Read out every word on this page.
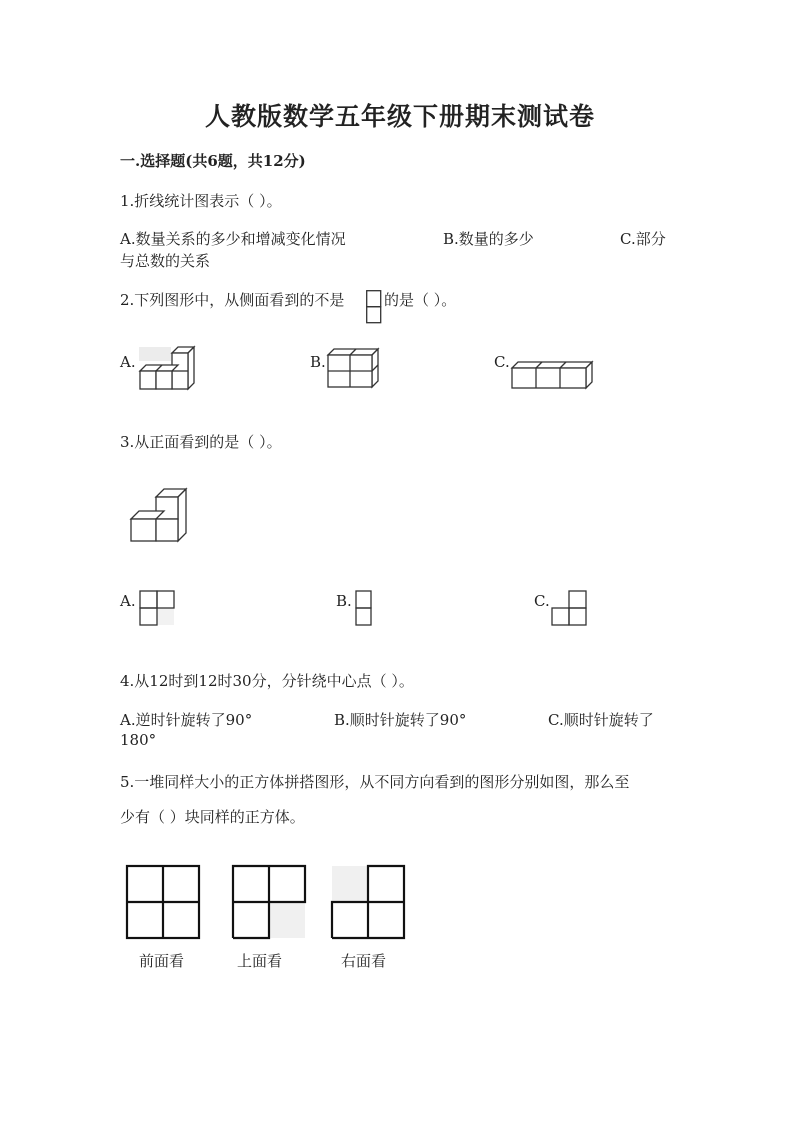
人教版数学五年级下册期末测试卷
一.选择题(共6题，共12分)
1.折线统计图表示（ ）。
A.数量关系的多少和增减变化情况	B.数量的多少	C.部分
与总数的关系
2.下列图形中，从侧面看到的不是	的是（ ）。
A.	B.	C.
3.从正面看到的是（ ）。
A.	B.	C.
4.从12时到12时30分，分针绕中心点（ ）。
A.逆时针旋转了90°	B.顺时针旋转了90°	C.顺时针旋转了
180°
5.一堆同样大小的正方体拼搭图形，从不同方向看到的图形分别如图，那么至
少有（ ）块同样的正方体。
前面看	上面看	右面看
